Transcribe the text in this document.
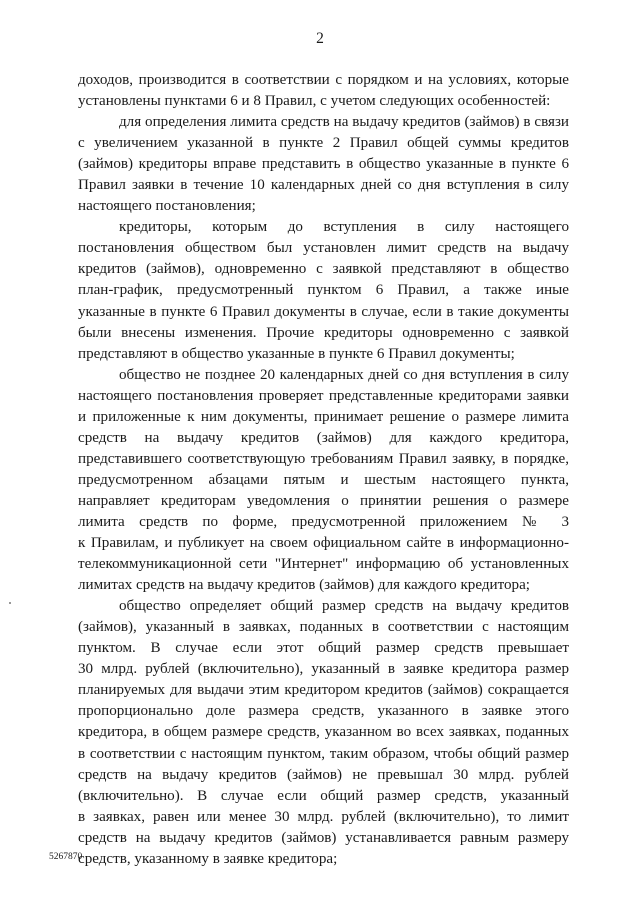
2
доходов, производится в соответствии с порядком и на условиях, которые
установлены пунктами 6 и 8 Правил, с учетом следующих особенностей:
для определения лимита средств на выдачу кредитов (займов) в связи
с увеличением указанной в пункте 2 Правил общей суммы кредитов
(займов) кредиторы вправе представить в общество указанные в пункте 6
Правил заявки в течение 10 календарных дней со дня вступления в силу
настоящего постановления;
кредиторы, которым до вступления в силу настоящего
постановления обществом был установлен лимит средств на выдачу
кредитов (займов), одновременно с заявкой представляют в общество
план-график, предусмотренный пунктом 6 Правил, а также иные
указанные в пункте 6 Правил документы в случае, если в такие документы
были внесены изменения. Прочие кредиторы одновременно с заявкой
представляют в общество указанные в пункте 6 Правил документы;
общество не позднее 20 календарных дней со дня вступления в силу
настоящего постановления проверяет представленные кредиторами заявки
и приложенные к ним документы, принимает решение о размере лимита
средств на выдачу кредитов (займов) для каждого кредитора,
представившего соответствующую требованиям Правил заявку, в порядке,
предусмотренном абзацами пятым и шестым настоящего пункта,
направляет кредиторам уведомления о принятии решения о размере
лимита средств по форме, предусмотренной приложением № 3
к Правилам, и публикует на своем официальном сайте в информационно-
телекоммуникационной сети "Интернет" информацию об установленных
лимитах средств на выдачу кредитов (займов) для каждого кредитора;
общество определяет общий размер средств на выдачу кредитов
(займов), указанный в заявках, поданных в соответствии с настоящим
пунктом. В случае если этот общий размер средств превышает
30 млрд. рублей (включительно), указанный в заявке кредитора размер
планируемых для выдачи этим кредитором кредитов (займов) сокращается
пропорционально доле размера средств, указанного в заявке этого
кредитора, в общем размере средств, указанном во всех заявках, поданных
в соответствии с настоящим пунктом, таким образом, чтобы общий размер
средств на выдачу кредитов (займов) не превышал 30 млрд. рублей
(включительно). В случае если общий размер средств, указанный
в заявках, равен или менее 30 млрд. рублей (включительно), то лимит
средств на выдачу кредитов (займов) устанавливается равным размеру
средств, указанному в заявке кредитора;
5267870
